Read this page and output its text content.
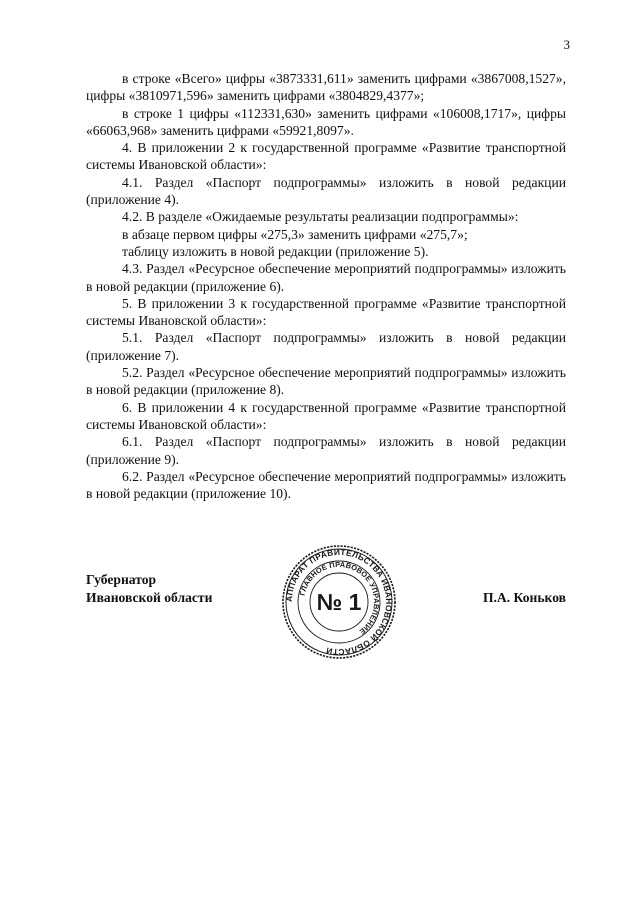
3

в строке «Всего» цифры «3873331,611» заменить цифрами «3867008,1527», цифры «3810971,596» заменить цифрами «3804829,4377»;

в строке 1 цифры «112331,630» заменить цифрами «106008,1717», цифры «66063,968» заменить цифрами «59921,8097».

4. В приложении 2 к государственной программе «Развитие транспортной системы Ивановской области»:

4.1. Раздел «Паспорт подпрограммы» изложить в новой редакции (приложение 4).

4.2. В разделе «Ожидаемые результаты реализации подпрограммы»:

в абзаце первом цифры «275,3» заменить цифрами «275,7»;

таблицу изложить в новой редакции (приложение 5).

4.3. Раздел «Ресурсное обеспечение мероприятий подпрограммы» изложить в новой редакции (приложение 6).

5. В приложении 3 к государственной программе «Развитие транспортной системы Ивановской области»:

5.1. Раздел «Паспорт подпрограммы» изложить в новой редакции (приложение 7).

5.2. Раздел «Ресурсное обеспечение мероприятий подпрограммы» изложить в новой редакции (приложение 8).

6. В приложении 4 к государственной программе «Развитие транспортной системы Ивановской области»:

6.1. Раздел «Паспорт подпрограммы» изложить в новой редакции (приложение 9).

6.2. Раздел «Ресурсное обеспечение мероприятий подпрограммы» изложить в новой редакции (приложение 10).

Губернатор
Ивановской области	АППАРАТ ПРАВИТЕЛЬСТВА ИВАНОВСКОЙ ОБЛАСТИ
ГЛАВНОЕ ПРАВОВОЕ УПРАВЛЕНИЕ
№ 1	П.А. Коньков
